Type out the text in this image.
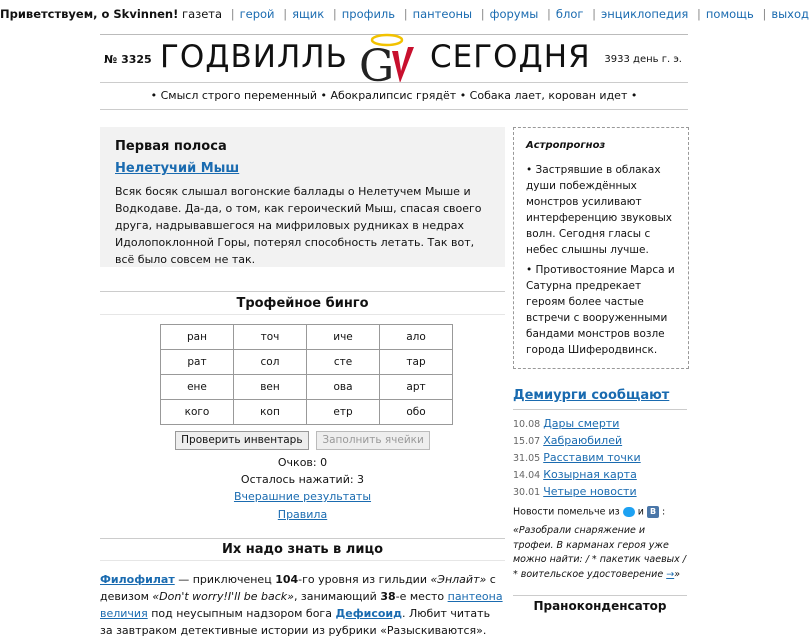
Приветствуем, о Skvinnen! газета | герой | ящик | профиль | пантеоны | форумы | блог | энциклопедия | помощь | выход
№ 3325 ГОДВИЛЛЬ G СЕГОДНЯ 3933 день г. э.
• Смысл строго переменный • Абокралипсис грядёт • Собака лает, корован идет •
Первая полоса
Нелетучий Мыш

Всяк босяк слышал вогонские баллады о Нелетучем Мыше и Водкодаве. Да-да, о том, как героический Мыш, спасая своего друга, надрывавшегося на мифриловых рудниках в недрах Идолопоклонной Горы, потерял способность летать. Так вот, всё было совсем не так.

Трофейное бинго
ран	точ	иче	ало
рат	сол	сте	тар
ене	вен	ова	арт
кого	коп	етр	обо
Проверить инвентарь Заполнить ячейки
Очков: 0
Осталось нажатий: 3
Вчерашние результаты
Правила
Их надо знать в лицо

Филофилат — приключенец 104-го уровня из гильдии «Энлайт» с девизом «Don't worry!I'll be back», занимающий 38-е место пантеона величия под неусыпным надзором бога Дефисоид. Любит читать за завтраком детективные истории из рубрики «Разыскиваются».

Астропрогноз
• Застрявшие в облаках души побеждённых монстров усиливают интерференцию звуковых волн. Сегодня гласы с небес слышны лучше.
• Противостояние Марса и Сатурна предрекает героям более частые встречи с вооруженными бандами монстров возле города Шиферодвинск.
Демиурги сообщают
10.08 Дары смерти
15.07 Хабраюбилей
31.05 Расставим точки
14.04 Козырная карта
30.01 Четыре новости
Новости помельче из и В :
«Разобрали снаряжение и трофеи. В карманах героя уже можно найти: / * пакетик чаевых / * воительское удостоверение →»
Пранокoнденсатор
